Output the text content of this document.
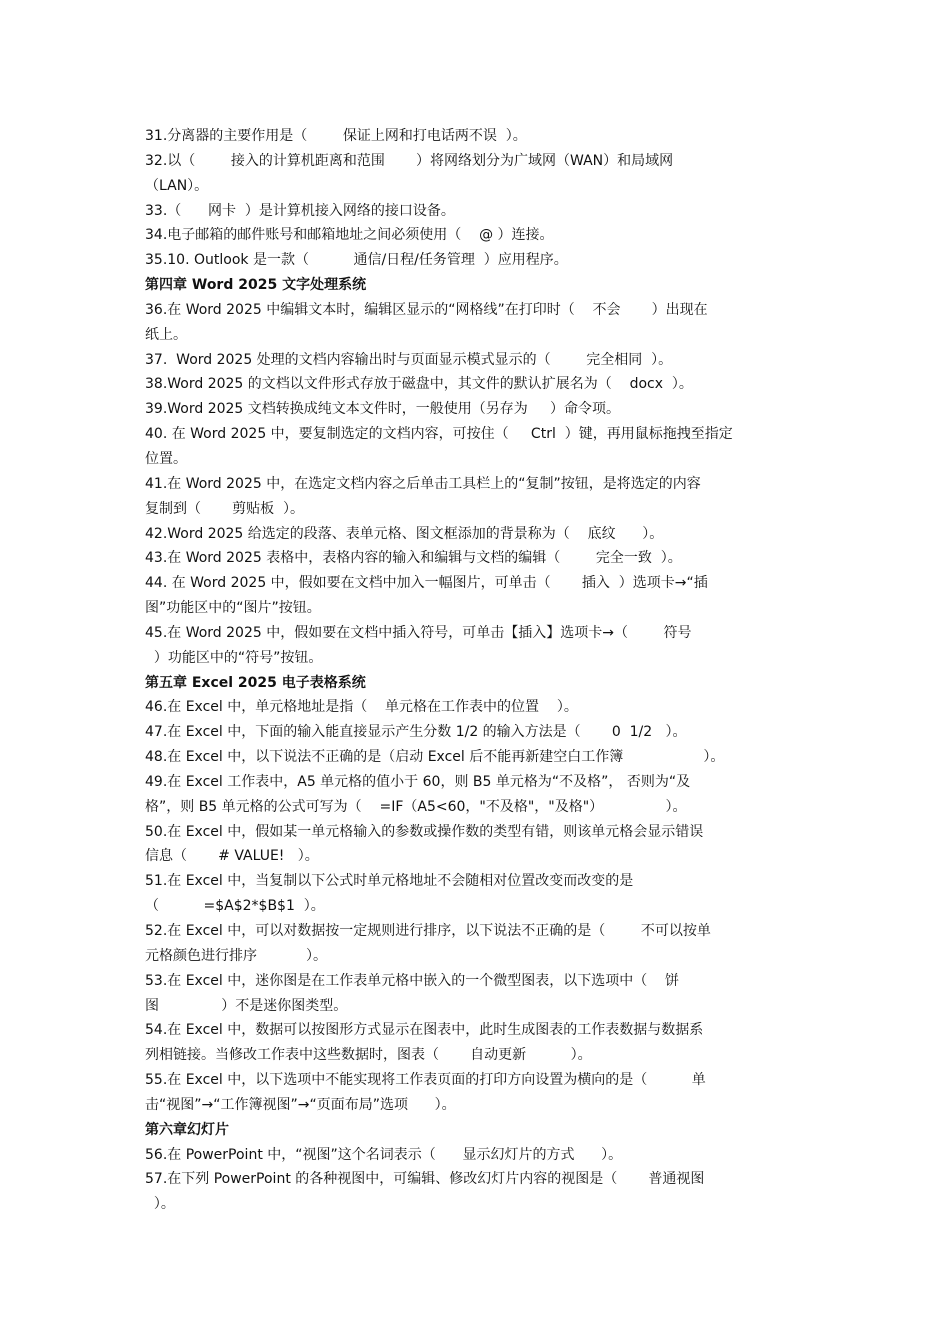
31.分离器的主要作用是（        保证上网和打电话两不误  ）。
32.以（        接入的计算机距离和范围       ）将网络划分为广域网（WAN）和局域网
（LAN）。
33.（      网卡  ）是计算机接入网络的接口设备。
34.电子邮箱的邮件账号和邮箱地址之间必须使用（    @ ）连接。
35.10. Outlook 是一款（          通信/日程/任务管理  ）应用程序。
第四章 Word 2025 文字处理系统
36.在 Word 2025 中编辑文本时，编辑区显示的“网格线”在打印时（    不会       ）出现在
纸上。
37.  Word 2025 处理的文档内容输出时与页面显示模式显示的（        完全相同  ）。
38.Word 2025 的文档以文件形式存放于磁盘中，其文件的默认扩展名为（    docx  ）。
39.Word 2025 文档转换成纯文本文件时，一般使用（另存为     ）命令项。
40. 在 Word 2025 中，要复制选定的文档内容，可按住（     Ctrl  ）键，再用鼠标拖拽至指定
位置。
41.在 Word 2025 中，在选定文档内容之后单击工具栏上的“复制”按钮，是将选定的内容
复制到（       剪贴板  ）。
42.Word 2025 给选定的段落、表单元格、图文框添加的背景称为（    底纹      ）。
43.在 Word 2025 表格中，表格内容的输入和编辑与文档的编辑（        完全一致  ）。
44. 在 Word 2025 中，假如要在文档中加入一幅图片，可单击（       插入  ）选项卡→“插
图”功能区中的“图片”按钮。
45.在 Word 2025 中，假如要在文档中插入符号，可单击【插入】选项卡→（        符号
）功能区中的“符号”按钮。
第五章 Excel 2025 电子表格系统
46.在 Excel 中，单元格地址是指（    单元格在工作表中的位置    ）。
47.在 Excel 中，下面的输入能直接显示产生分数 1/2 的输入方法是（       0  1/2   ）。
48.在 Excel 中，以下说法不正确的是（启动 Excel 后不能再新建空白工作簿                  ）。
49.在 Excel 工作表中，A5 单元格的值小于 60，则 B5 单元格为“不及格”， 否则为“及
格”，则 B5 单元格的公式可写为（    =IF（A5<60，"不及格"，"及格"）              ）。
50.在 Excel 中，假如某一单元格输入的参数或操作数的类型有错，则该单元格会显示错误
信息（       # VALUE!   ）。
51.在 Excel 中，当复制以下公式时单元格地址不会随相对位置改变而改变的是
（          =$A$2*$B$1  ）。
52.在 Excel 中，可以对数据按一定规则进行排序，以下说法不正确的是（        不可以按单
元格颜色进行排序           ）。
53.在 Excel 中，迷你图是在工作表单元格中嵌入的一个微型图表，以下选项中（    饼
图              ）不是迷你图类型。
54.在 Excel 中，数据可以按图形方式显示在图表中，此时生成图表的工作表数据与数据系
列相链接。当修改工作表中这些数据时，图表（       自动更新          ）。
55.在 Excel 中，以下选项中不能实现将工作表页面的打印方向设置为横向的是（          单
击“视图”→“工作簿视图”→“页面布局”选项      ）。
第六章幻灯片
56.在 PowerPoint 中，“视图”这个名词表示（      显示幻灯片的方式      ）。
57.在下列 PowerPoint 的各种视图中，可编辑、修改幻灯片内容的视图是（       普通视图
）。
